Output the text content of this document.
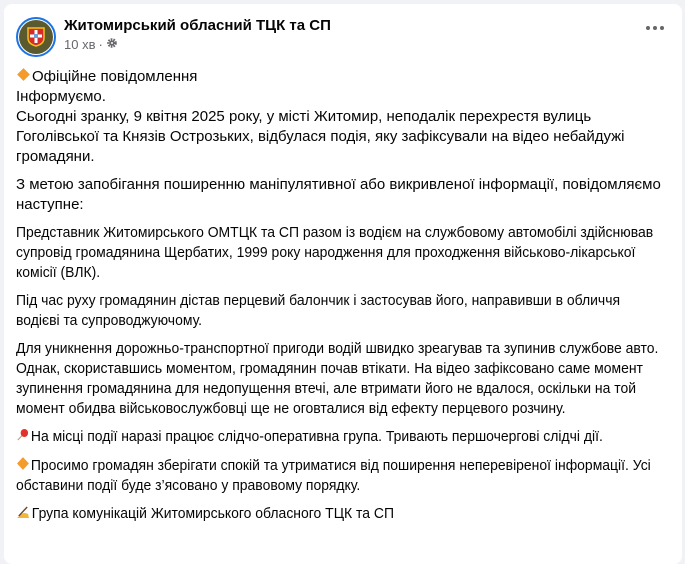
Житомирський обласний ТЦК та СП
10 хв ·

Офіційне повідомлення
Інформуємо.
Сьогодні зранку, 9 квітня 2025 року, у місті Житомир, неподалік перехрестя вулиць Гоголівської та Князів Острозьких, відбулася подія, яку зафіксували на відео небайдужі громадяни.

З метою запобігання поширенню маніпулятивної або викривленої інформації, повідомляємо наступне:

Представник Житомирського ОМТЦК та СП разом із водієм на службовому автомобілі здійснював супровід громадянина Щербатих, 1999 року народження для проходження військово-лікарської комісії (ВЛК).

Під час руху громадянин дістав перцевий балончик і застосував його, направивши в обличчя водієві та супроводжуючому.

Для уникнення дорожньо-транспортної пригоди водій швидко зреагував та зупинив службове авто. Однак, скориставшись моментом, громадянин почав втікати. На відео зафіксовано саме момент зупинення громадянина для недопущення втечі, але втримати його не вдалося, оскільки на той момент обидва військовослужбовці ще не оговталися від ефекту перцевого розчину.

На місці події наразі працює слідчо-оперативна група. Тривають першочергові слідчі дії.

Просимо громадян зберігати спокій та утриматися від поширення неперевіреної інформації. Усі обставини події буде з’ясовано у правовому порядку.

Група комунікацій Житомирського обласного ТЦК та СП
